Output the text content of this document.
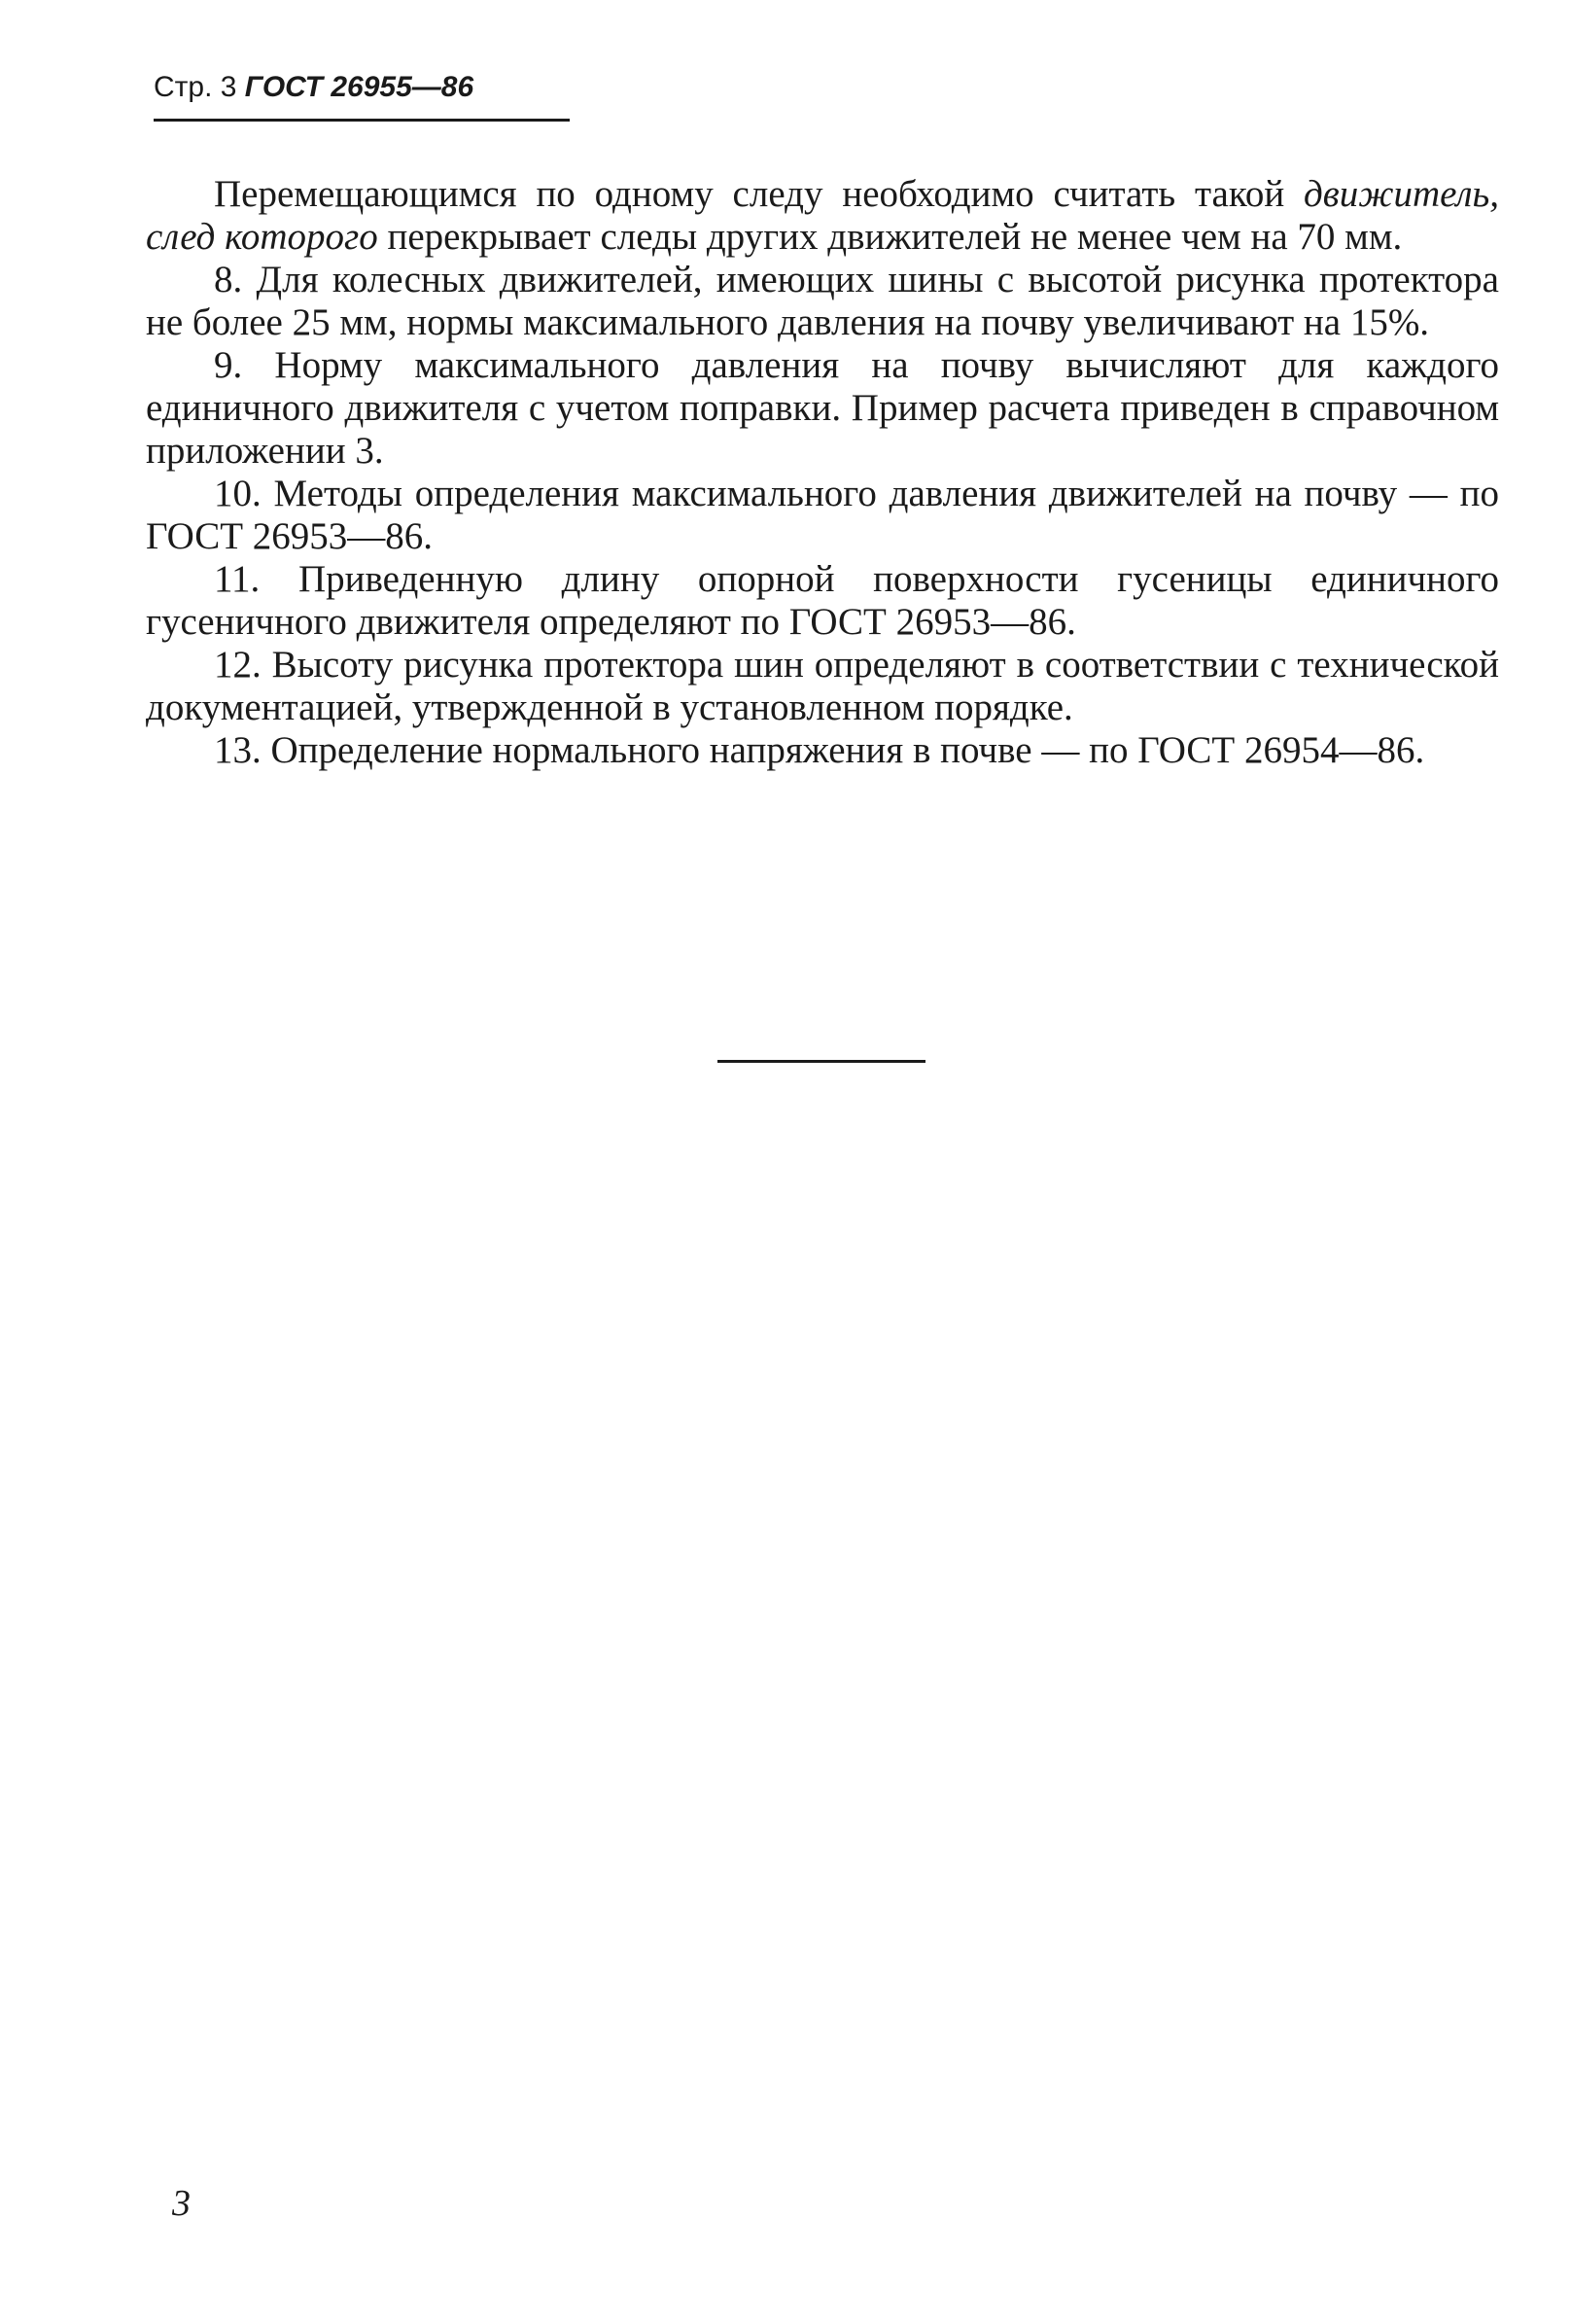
Стр. 3 ГОСТ 26955—86

Перемещающимся по одному следу необходимо считать такой движитель, след которого перекрывает следы других движителей не менее чем на 70 мм.

8. Для колесных движителей, имеющих шины с высотой рисунка протектора не более 25 мм, нормы максимального давления на почву увеличивают на 15%.

9. Норму максимального давления на почву вычисляют для каждого единичного движителя с учетом поправки. Пример расчета приведен в справочном приложении 3.

10. Методы определения максимального давления движителей на почву — по ГОСТ 26953—86.

11. Приведенную длину опорной поверхности гусеницы единичного гусеничного движителя определяют по ГОСТ 26953—86.

12. Высоту рисунка протектора шин определяют в соответствии с технической документацией, утвержденной в установленном порядке.

13. Определение нормального напряжения в почве — по ГОСТ 26954—86.

3
